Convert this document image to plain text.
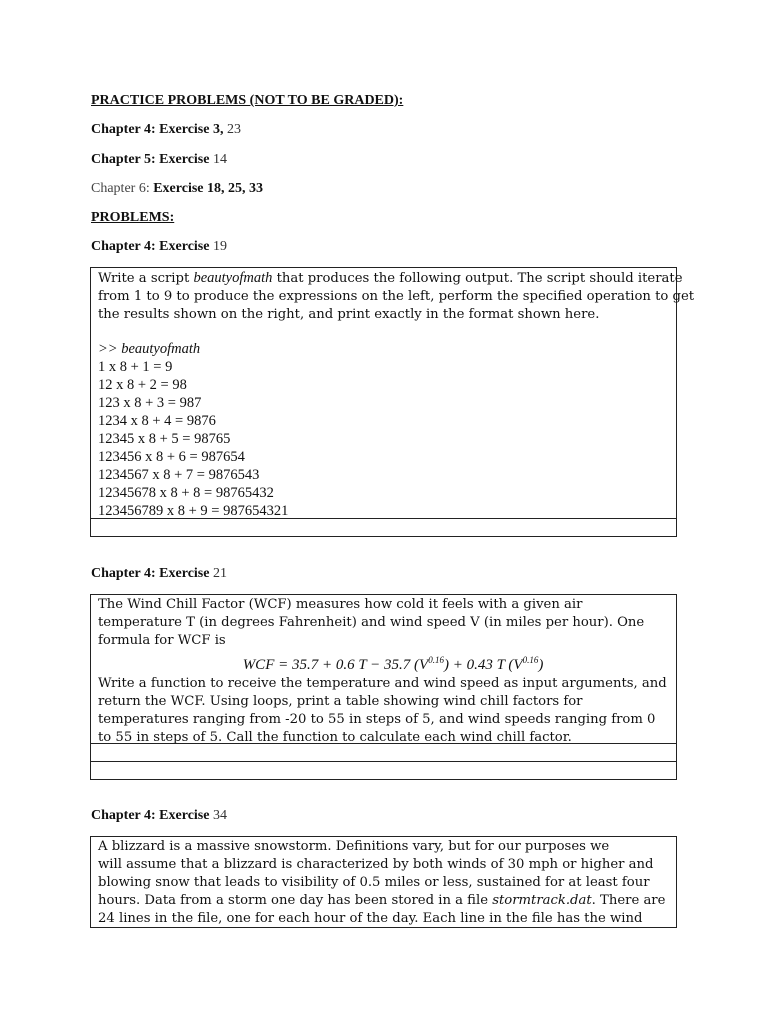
PRACTICE PROBLEMS (NOT TO BE GRADED):
Chapter 4: Exercise 3, 23
Chapter 5: Exercise 14
Chapter 6: Exercise 18, 25, 33
PROBLEMS:
Chapter 4: Exercise 19
Write a script beautyofmath that produces the following output. The script should iterate
from 1 to 9 to produce the expressions on the left, perform the specified operation to get
the results shown on the right, and print exactly in the format shown here.
>> beautyofmath
1 x 8 + 1 = 9
12 x 8 + 2 = 98
123 x 8 + 3 = 987
1234 x 8 + 4 = 9876
12345 x 8 + 5 = 98765
123456 x 8 + 6 = 987654
1234567 x 8 + 7 = 9876543
12345678 x 8 + 8 = 98765432
123456789 x 8 + 9 = 987654321
Chapter 4: Exercise 21
The Wind Chill Factor (WCF) measures how cold it feels with a given air
temperature T (in degrees Fahrenheit) and wind speed V (in miles per hour). One
formula for WCF is
WCF = 35.7 + 0.6 T − 35.7 $(V^{0.16}) + 0.43$ T $(V^{0.16})$
Write a function to receive the temperature and wind speed as input arguments, and
return the WCF. Using loops, print a table showing wind chill factors for
temperatures ranging from -20 to 55 in steps of 5, and wind speeds ranging from 0
to 55 in steps of 5. Call the function to calculate each wind chill factor.
Chapter 4: Exercise 34
A blizzard is a massive snowstorm. Definitions vary, but for our purposes we
will assume that a blizzard is characterized by both winds of 30 mph or higher and
blowing snow that leads to visibility of 0.5 miles or less, sustained for at least four
hours. Data from a storm one day has been stored in a file stormtrack.dat. There are
24 lines in the file, one for each hour of the day. Each line in the file has the wind
